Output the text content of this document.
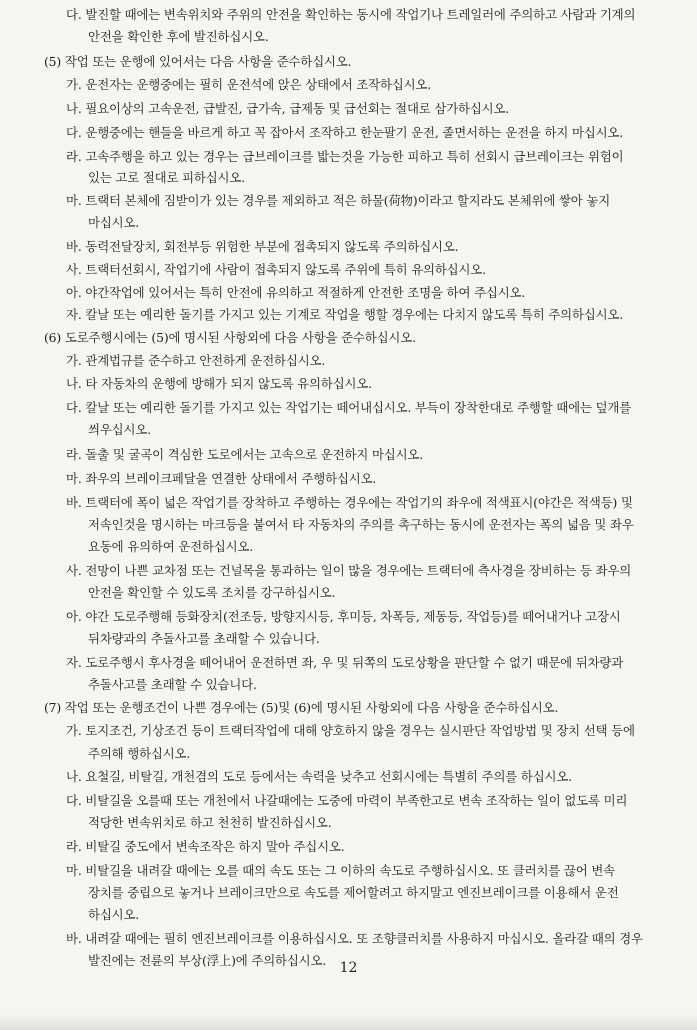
다. 발진할 때에는 변속위치와 주위의 안전을 확인하는 동시에 작업기나 트레일러에 주의하고 사람과 기계의
안전을 확인한 후에 발진하십시오.
(5) 작업 또는 운행에 있어서는 다음 사항을 준수하십시오.
가. 운전자는 운행중에는 필히 운전석에 앉은 상태에서 조작하십시오.
나. 필요이상의 고속운전, 급발진, 급가속, 급제동 및 급선회는 절대로 삼가하십시오.
다. 운행중에는 핸들을 바르게 하고 꼭 잡아서 조작하고 한눈팔기 운전, 졸면서하는 운전을 하지 마십시오.
라. 고속주행을 하고 있는 경우는 급브레이크를 밟는것을 가능한 피하고 특히 선회시 급브레이크는 위험이
있는 고로 절대로 피하십시오.
마. 트랙터 본체에 짐받이가 있는 경우를 제외하고 적은 하물(荷物)이라고 할지라도 본체위에 쌓아 놓지
마십시오.
바. 동력전달장치, 회전부등 위험한 부분에 접촉되지 않도록 주의하십시오.
사. 트랙터선회시, 작업기에 사람이 접촉되지 않도록 주위에 특히 유의하십시오.
아. 야간작업에 있어서는 특히 안전에 유의하고 적절하게 안전한 조명을 하여 주십시오.
자. 칼날 또는 예리한 돌기를 가지고 있는 기계로 작업을 행할 경우에는 다치지 않도록 특히 주의하십시오.
(6) 도로주행시에는 (5)에 명시된 사항외에 다음 사항을 준수하십시오.
가. 관계법규를 준수하고 안전하게 운전하십시오.
나. 타 자동차의 운행에 방해가 되지 않도록 유의하십시오.
다. 칼날 또는 예리한 돌기를 가지고 있는 작업기는 떼어내십시오. 부득이 장착한대로 주행할 때에는 덮개를
씌우십시오.
라. 돌출 및 굴곡이 격심한 도로에서는 고속으로 운전하지 마십시오.
마. 좌우의 브레이크페달을 연결한 상태에서 주행하십시오.
바. 트랙터에 폭이 넓은 작업기를 장착하고 주행하는 경우에는 작업기의 좌우에 적색표시(야간은 적색등) 및
저속인것을 명시하는 마크등을 붙여서 타 자동차의 주의를 촉구하는 동시에 운전자는 폭의 넓음 및 좌우
요동에 유의하여 운전하십시오.
사. 전망이 나쁜 교차점 또는 건널목을 통과하는 일이 많을 경우에는 트랙터에 측사경을 장비하는 등 좌우의
안전을 확인할 수 있도록 조치를 강구하십시오.
아. 야간 도로주행해 등화장치(전조등, 방향지시등, 후미등, 차폭등, 제동등, 작업등)를 떼어내거나 고장시
뒤차량과의 추돌사고를 초래할 수 있습니다.
자. 도로주행시 후사경을 떼어내어 운전하면 좌, 우 및 뒤쪽의 도로상황을 판단할 수 없기 때문에 뒤차량과
추돌사고를 초래할 수 있습니다.
(7) 작업 또는 운행조건이 나쁜 경우에는 (5)및 (6)에 명시된 사항외에 다음 사항을 준수하십시오.
가. 토지조건, 기상조건 등이 트랙터작업에 대해 양호하지 않을 경우는 실시판단 작업방법 및 장치 선택 등에
주의해 행하십시오.
나. 요철길, 비탈길, 개천겸의 도로 등에서는 속력을 낮추고 선회시에는 특별히 주의를 하십시오.
다. 비탈길을 오를때 또는 개천에서 나갈때에는 도중에 마력이 부족한고로 변속 조작하는 일이 없도록 미리
적당한 변속위치로 하고 천천히 발진하십시오.
라. 비탈길 중도에서 변속조작은 하지 말아 주십시오.
마. 비탈길을 내려갈 때에는 오를 때의 속도 또는 그 이하의 속도로 주행하십시오. 또 클러치를 끊어 변속
장치를 중립으로 놓거나 브레이크만으로 속도를 제어할려고 하지말고 엔진브레이크를 이용해서 운전
하십시오.
바. 내려갈 때에는 필히 엔진브레이크를 이용하십시오. 또 조향클러치를 사용하지 마십시오. 올라갈 때의 경우
발진에는 전륜의 부상(浮上)에 주의하십시오. 12
